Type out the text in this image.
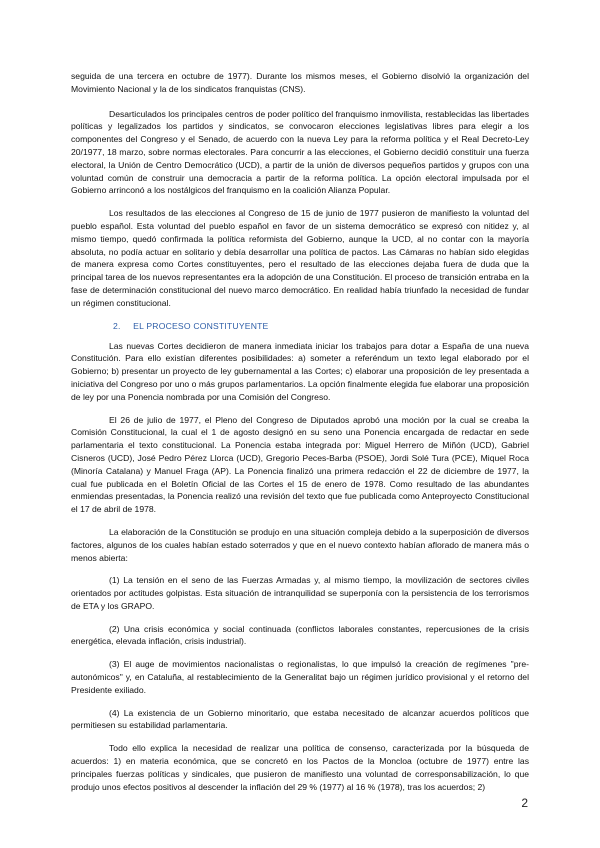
seguida de una tercera en octubre de 1977). Durante los mismos meses, el Gobierno disolvió la organización del Movimiento Nacional y la de los sindicatos franquistas (CNS).

Desarticulados los principales centros de poder político del franquismo inmovilista, restablecidas las libertades políticas y legalizados los partidos y sindicatos, se convocaron elecciones legislativas libres para elegir a los componentes del Congreso y el Senado, de acuerdo con la nueva Ley para la reforma política y el Real Decreto-Ley 20/1977, 18 marzo, sobre normas electorales. Para concurrir a las elecciones, el Gobierno decidió constituir una fuerza electoral, la Unión de Centro Democrático (UCD), a partir de la unión de diversos pequeños partidos y grupos con una voluntad común de construir una democracia a partir de la reforma política. La opción electoral impulsada por el Gobierno arrinconó a los nostálgicos del franquismo en la coalición Alianza Popular.

Los resultados de las elecciones al Congreso de 15 de junio de 1977 pusieron de manifiesto la voluntad del pueblo español. Esta voluntad del pueblo español en favor de un sistema democrático se expresó con nitidez y, al mismo tiempo, quedó confirmada la política reformista del Gobierno, aunque la UCD, al no contar con la mayoría absoluta, no podía actuar en solitario y debía desarrollar una política de pactos. Las Cámaras no habían sido elegidas de manera expresa como Cortes constituyentes, pero el resultado de las elecciones dejaba fuera de duda que la principal tarea de los nuevos representantes era la adopción de una Constitución. El proceso de transición entraba en la fase de determinación constitucional del nuevo marco democrático. En realidad había triunfado la necesidad de fundar un régimen constitucional.

2. EL PROCESO CONSTITUYENTE

Las nuevas Cortes decidieron de manera inmediata iniciar los trabajos para dotar a España de una nueva Constitución. Para ello existían diferentes posibilidades: a) someter a referéndum un texto legal elaborado por el Gobierno; b) presentar un proyecto de ley gubernamental a las Cortes; c) elaborar una proposición de ley presentada a iniciativa del Congreso por uno o más grupos parlamentarios. La opción finalmente elegida fue elaborar una proposición de ley por una Ponencia nombrada por una Comisión del Congreso.

El 26 de julio de 1977, el Pleno del Congreso de Diputados aprobó una moción por la cual se creaba la Comisión Constitucional, la cual el 1 de agosto designó en su seno una Ponencia encargada de redactar en sede parlamentaria el texto constitucional. La Ponencia estaba integrada por: Miguel Herrero de Miñón (UCD), Gabriel Cisneros (UCD), José Pedro Pérez Llorca (UCD), Gregorio Peces-Barba (PSOE), Jordi Solé Tura (PCE), Miquel Roca (Minoría Catalana) y Manuel Fraga (AP). La Ponencia finalizó una primera redacción el 22 de diciembre de 1977, la cual fue publicada en el Boletín Oficial de las Cortes el 15 de enero de 1978. Como resultado de las abundantes enmiendas presentadas, la Ponencia realizó una revisión del texto que fue publicada como Anteproyecto Constitucional el 17 de abril de 1978.

La elaboración de la Constitución se produjo en una situación compleja debido a la superposición de diversos factores, algunos de los cuales habían estado soterrados y que en el nuevo contexto habían aflorado de manera más o menos abierta:

(1) La tensión en el seno de las Fuerzas Armadas y, al mismo tiempo, la movilización de sectores civiles orientados por actitudes golpistas. Esta situación de intranquilidad se superponía con la persistencia de los terrorismos de ETA y los GRAPO.

(2) Una crisis económica y social continuada (conflictos laborales constantes, repercusiones de la crisis energética, elevada inflación, crisis industrial).

(3) El auge de movimientos nacionalistas o regionalistas, lo que impulsó la creación de regímenes "pre-autonómicos" y, en Cataluña, al restablecimiento de la Generalitat bajo un régimen jurídico provisional y el retorno del Presidente exiliado.

(4) La existencia de un Gobierno minoritario, que estaba necesitado de alcanzar acuerdos políticos que permitiesen su estabilidad parlamentaria.

Todo ello explica la necesidad de realizar una política de consenso, caracterizada por la búsqueda de acuerdos: 1) en materia económica, que se concretó en los Pactos de la Moncloa (octubre de 1977) entre las principales fuerzas políticas y sindicales, que pusieron de manifiesto una voluntad de corresponsabilización, lo que produjo unos efectos positivos al descender la inflación del 29 % (1977) al 16 % (1978), tras los acuerdos; 2)

2
